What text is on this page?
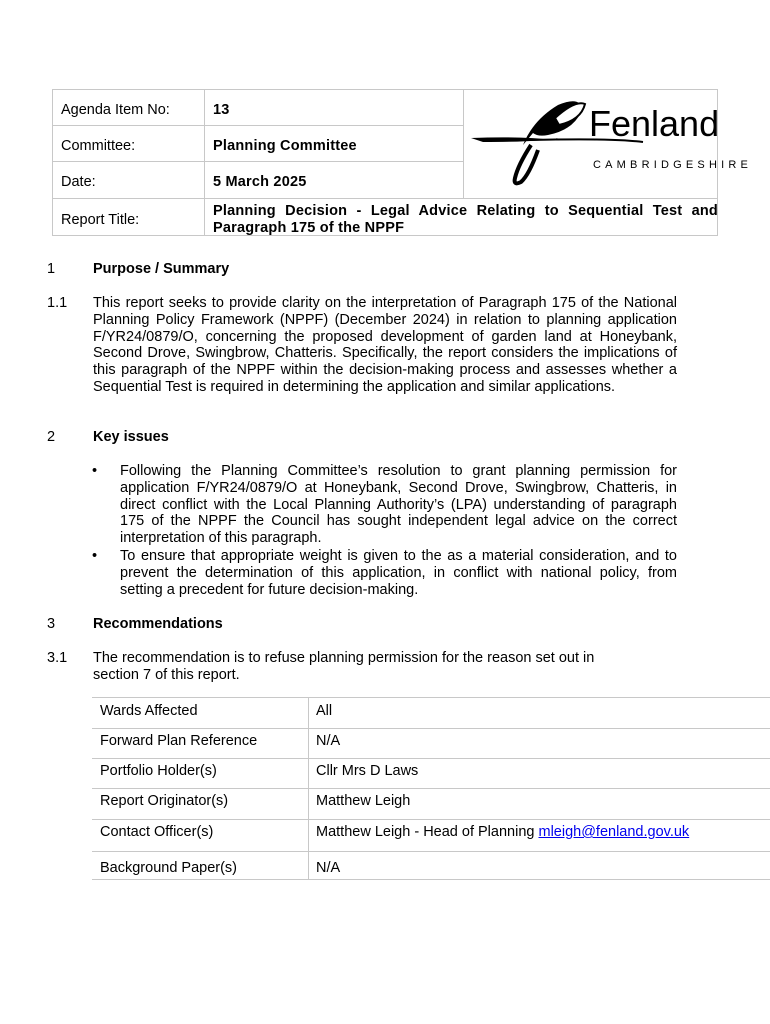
Agenda Item No:	13
Committee:	Planning Committee
Date:	5 March 2025
Report Title:
Planning Decision - Legal Advice Relating to Sequential Test and
Paragraph 175 of the NPPF
Fenland
CAMBRIDGESHIRE
1	Purpose / Summary
1.1 This report seeks to provide clarity on the interpretation of Paragraph 175 of the National Planning Policy Framework (NPPF) (December 2024) in relation to planning application F/YR24/0879/O, concerning the proposed development of garden land at Honeybank, Second Drove, Swingbrow, Chatteris. Specifically, the report considers the implications of this paragraph of the NPPF within the decision-making process and assesses whether a Sequential Test is required in determining the application and similar applications.
2	Key issues
• Following the Planning Committee’s resolution to grant planning permission for application F/YR24/0879/O at Honeybank, Second Drove, Swingbrow, Chatteris, in direct conflict with the Local Planning Authority’s (LPA) understanding of paragraph 175 of the NPPF the Council has sought independent legal advice on the correct interpretation of this paragraph.
• To ensure that appropriate weight is given to the as a material consideration, and to prevent the determination of this application, in conflict with national policy, from setting a precedent for future decision-making.
3	Recommendations
3.1 The recommendation is to refuse planning permission for the reason set out in
section 7 of this report.
Wards Affected	All
Forward Plan Reference	N/A
Portfolio Holder(s)	Cllr Mrs D Laws
Report Originator(s)	Matthew Leigh
Contact Officer(s)	Matthew Leigh - Head of Planning mleigh@fenland.gov.uk
Background Paper(s)	N/A
